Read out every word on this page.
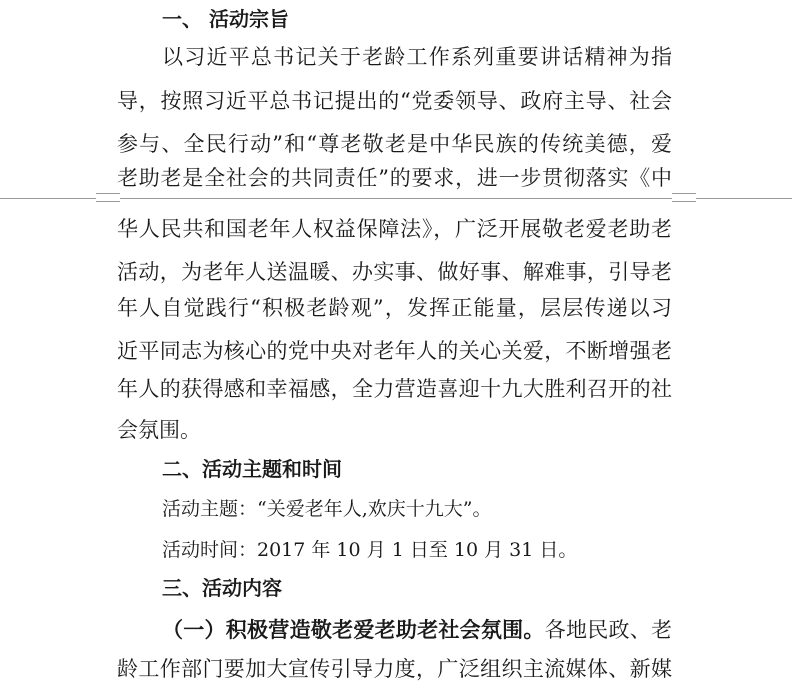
一、 活动宗旨
以习近平总书记关于老龄工作系列重要讲话精神为指
导，按照习近平总书记提出的“党委领导、政府主导、社会
参与、全民行动”和“尊老敬老是中华民族的传统美德，爱
老助老是全社会的共同责任”的要求，进一步贯彻落实《中
华人民共和国老年人权益保障法》，广泛开展敬老爱老助老
活动，为老年人送温暖、办实事、做好事、解难事，引导老
年人自觉践行“积极老龄观”，发挥正能量，层层传递以习
近平同志为核心的党中央对老年人的关心关爱，不断增强老
年人的获得感和幸福感，全力营造喜迎十九大胜利召开的社
会氛围。
二、活动主题和时间
活动主题：“关爱老年人,欢庆十九大”。
活动时间：2017 年 10 月 1 日至 10 月 31 日。
三、活动内容
（一）积极营造敬老爱老助老社会氛围。各地民政、老
龄工作部门要加大宣传引导力度，广泛组织主流媒体、新媒
